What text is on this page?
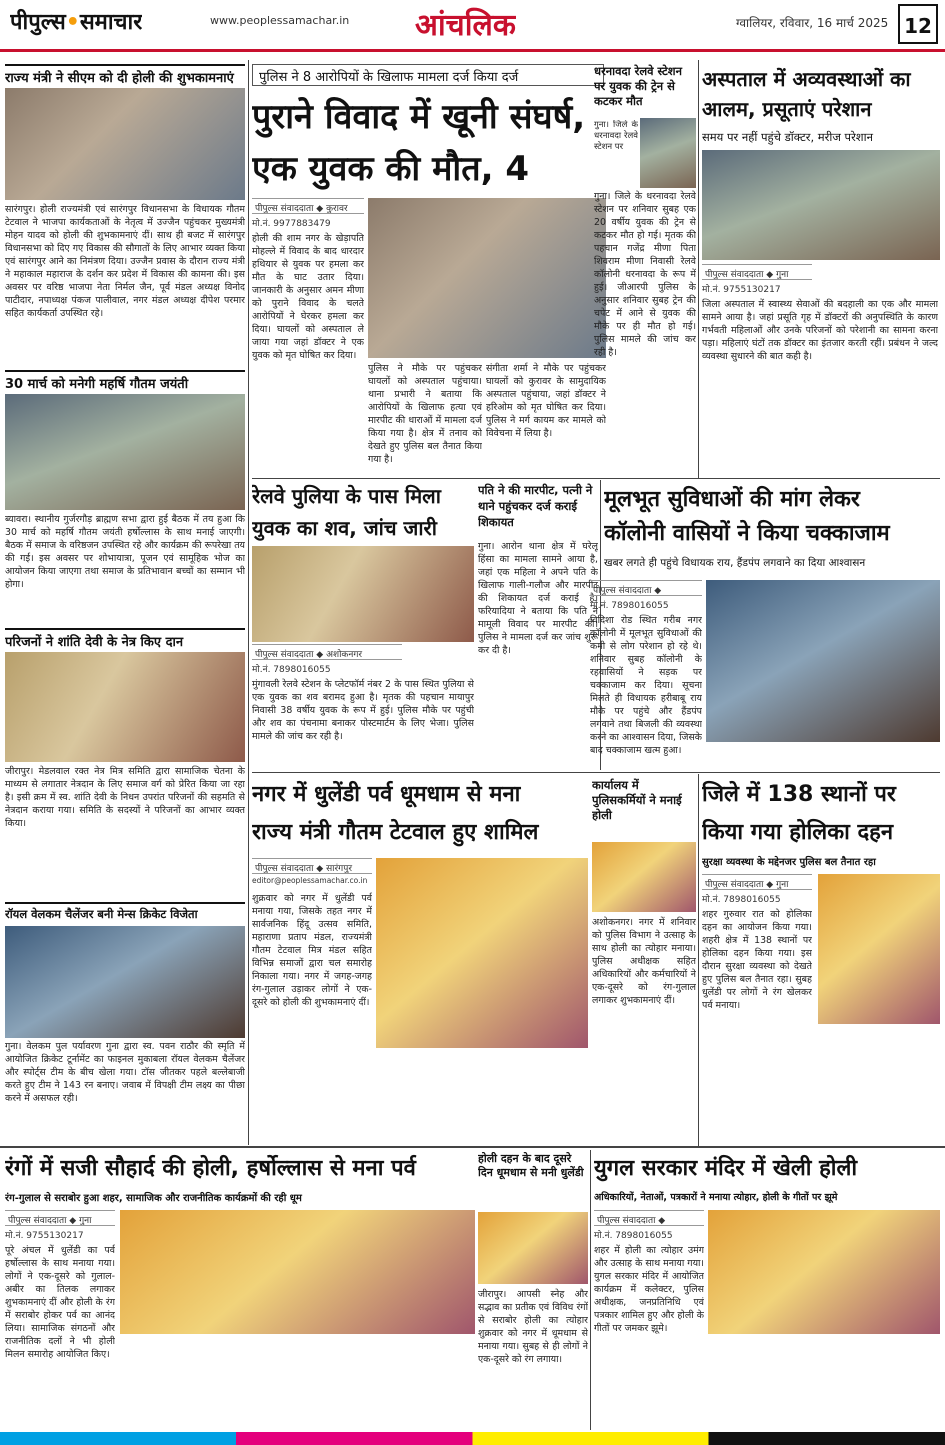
पीपुल्स•समाचार	www.peoplessamachar.in आंचलिक	ग्वालियर, रविवार, 16 मार्च 2025 12
राज्य मंत्री ने सीएम को दी होली की शुभकामनाएं
सारंगपुर। होली राज्यमंत्री एवं सारंगपुर विधानसभा के विधायक गौतम टेटवाल ने भाजपा कार्यकताओं के नेतृत्व में उज्जैन पहुंचकर मुख्यमंत्री मोहन यादव को होली की शुभकामनाएं दीं। साथ ही बजट में सारंगपुर विधानसभा को दिए गए विकास की सौगातों के लिए आभार व्यक्त किया एवं सारंगपुर आने का निमंत्रण दिया। उज्जैन प्रवास के दौरान राज्य मंत्री ने महाकाल महाराज के दर्शन कर प्रदेश में विकास की कामना की। इस अवसर पर वरिष्ठ भाजपा नेता निर्मल जैन, पूर्व मंडल अध्यक्ष विनोद पाटीदार, नपाध्यक्ष पंकज पालीवाल, नगर मंडल अध्यक्ष दीपेश परमार सहित कार्यकर्ता उपस्थित रहे।
30 मार्च को मनेगी महर्षि गौतम जयंती
ब्यावरा। स्थानीय गुर्जरगौड़ ब्राह्मण सभा द्वारा हुई बैठक में तय हुआ कि 30 मार्च को महर्षि गौतम जयंती हर्षोल्लास के साथ मनाई जाएगी। बैठक में समाज के वरिष्ठजन उपस्थित रहे और कार्यक्रम की रूपरेखा तय की गई। इस अवसर पर शोभायात्रा, पूजन एवं सामूहिक भोज का आयोजन किया जाएगा तथा समाज के प्रतिभावान बच्चों का सम्मान भी होगा।
परिजनों ने शांति देवी के नेत्र किए दान
जीरापुर। मेडलवाल रक्त नेत्र मित्र समिति द्वारा सामाजिक चेतना के माध्यम से लगातार नेत्रदान के लिए समाज वर्ग को प्रेरित किया जा रहा है। इसी क्रम में स्व. शांति देवी के निधन उपरांत परिजनों की सहमति से नेत्रदान कराया गया। समिति के सदस्यों ने परिजनों का आभार व्यक्त किया।
रॉयल वेलकम चैलेंजर बनी मेन्स क्रिकेट विजेता
गुना। वेलकम पुल पर्यावरण गुना द्वारा स्व. पवन राठौर की स्मृति में आयोजित क्रिकेट टूर्नामेंट का फाइनल मुकाबला रॉयल वेलकम चैलेंजर और स्पोर्ट्स टीम के बीच खेला गया। टॉस जीतकर पहले बल्लेबाजी करते हुए टीम ने 143 रन बनाए। जवाब में विपक्षी टीम लक्ष्य का पीछा करने में असफल रही।
पुलिस ने 8 आरोपियों के खिलाफ मामला दर्ज किया दर्ज
पुराने विवाद में खूनी संघर्ष,
एक युवक की मौत, 4
पीपुल्स संवाददाता ◆ कुरावर
मो.नं. 9977883479
होली की शाम नगर के खेड़ापति मोहल्ले में विवाद के बाद धारदार हथियार से युवक पर हमला कर मौत के घाट उतार दिया। जानकारी के अनुसार अमन मीणा को पुराने विवाद के चलते आरोपियों ने घेरकर हमला कर दिया। घायलों को अस्पताल ले जाया गया जहां डॉक्टर ने एक युवक को मृत घोषित कर दिया।
पुलिस ने मौके पर पहुंचकर घायलों को अस्पताल पहुंचाया। थाना प्रभारी ने बताया कि आरोपियों के खिलाफ हत्या एवं मारपीट की धाराओं में मामला दर्ज किया गया है। क्षेत्र में तनाव को देखते हुए पुलिस बल तैनात किया गया है।
संगीता शर्मा ने मौके पर पहुंचकर घायलों को कुरावर के सामुदायिक अस्पताल पहुंचाया, जहां डॉक्टर ने हरिओम को मृत घोषित कर दिया। पुलिस ने मर्ग कायम कर मामले को विवेचना में लिया है।
धरनावदा रेलवे स्टेशन पर युवक की ट्रेन से कटकर मौत
गुना। जिले के धरनावदा रेलवे स्टेशन पर
गुना। जिले के धरनावदा रेलवे स्टेशन पर शनिवार सुबह एक 20 वर्षीय युवक की ट्रेन से कटकर मौत हो गई। मृतक की पहचान गजेंद्र मीणा पिता शिवराम मीणा निवासी रेलवे कॉलोनी धरनावदा के रूप में हुई। जीआरपी पुलिस के अनुसार शनिवार सुबह ट्रेन की चपेट में आने से युवक की मौके पर ही मौत हो गई। पुलिस मामले की जांच कर रही है।
अस्पताल में अव्यवस्थाओं का आलम, प्रसूताएं परेशान
समय पर नहीं पहुंचे डॉक्टर, मरीज परेशान
पीपुल्स संवाददाता ◆ गुना
मो.नं. 9755130217
जिला अस्पताल में स्वास्थ्य सेवाओं की बदहाली का एक और मामला सामने आया है। जहां प्रसूति गृह में डॉक्टरों की अनुपस्थिति के कारण गर्भवती महिलाओं और उनके परिजनों को परेशानी का सामना करना पड़ा। महिलाएं घंटों तक डॉक्टर का इंतजार करती रहीं। प्रबंधन ने जल्द व्यवस्था सुधारने की बात कही है।
रेलवे पुलिया के पास मिला
युवक का शव, जांच जारी
पीपुल्स संवाददाता ◆ अशोकनगर
मो.नं. 7898016055
मुंगावली रेलवे स्टेशन के प्लेटफॉर्म नंबर 2 के पास स्थित पुलिया से एक युवक का शव बरामद हुआ है। मृतक की पहचान मायापुर निवासी 38 वर्षीय युवक के रूप में हुई। पुलिस मौके पर पहुंची और शव का पंचनामा बनाकर पोस्टमार्टम के लिए भेजा। पुलिस मामले की जांच कर रही है।
पति ने की मारपीट, पत्नी ने थाने पहुंचकर दर्ज कराई शिकायत
गुना। आरोन थाना क्षेत्र में घरेलू हिंसा का मामला सामने आया है, जहां एक महिला ने अपने पति के खिलाफ गाली-गलौज और मारपीट की शिकायत दर्ज कराई है। फरियादिया ने बताया कि पति ने मामूली विवाद पर मारपीट की। पुलिस ने मामला दर्ज कर जांच शुरू कर दी है।
मूलभूत सुविधाओं की मांग लेकर
कॉलोनी वासियों ने किया चक्काजाम
खबर लगते ही पहुंचे विधायक राय, हैंडपंप लगवाने का दिया आश्वासन
पीपुल्स संवाददाता ◆
मो.नं. 7898016055
विदिशा रोड स्थित गरीब नगर कॉलोनी में मूलभूत सुविधाओं की कमी से लोग परेशान हो रहे थे। शनिवार सुबह कॉलोनी के रहवासियों ने सड़क पर चक्काजाम कर दिया। सूचना मिलते ही विधायक हरीबाबू राय मौके पर पहुंचे और हैंडपंप लगवाने तथा बिजली की व्यवस्था करने का आश्वासन दिया, जिसके बाद चक्काजाम खत्म हुआ।
नगर में धुलेंडी पर्व धूमधाम से मना
राज्य मंत्री गौतम टेटवाल हुए शामिल
पीपुल्स संवाददाता ◆ सारंगपुर
editor@peoplessamachar.co.in
शुक्रवार को नगर में धुलेंडी पर्व मनाया गया, जिसके तहत नगर में सार्वजनिक हिंदू उत्सव समिति, महाराणा प्रताप मंडल, राज्यमंत्री गौतम टेटवाल मित्र मंडल सहित विभिन्न समाजों द्वारा चल समारोह निकाला गया। नगर में जगह-जगह रंग-गुलाल उड़ाकर लोगों ने एक-दूसरे को होली की शुभकामनाएं दीं।
कार्यालय में पुलिसकर्मियों ने मनाई होली
अशोकनगर। नगर में शनिवार को पुलिस विभाग ने उत्साह के साथ होली का त्योहार मनाया। पुलिस अधीक्षक सहित अधिकारियों और कर्मचारियों ने एक-दूसरे को रंग-गुलाल लगाकर शुभकामनाएं दीं।
जिले में 138 स्थानों पर
किया गया होलिका दहन
सुरक्षा व्यवस्था के मद्देनजर पुलिस बल तैनात रहा
पीपुल्स संवाददाता ◆ गुना
मो.नं. 7898016055
शहर गुरुवार रात को होलिका दहन का आयोजन किया गया। शहरी क्षेत्र में 138 स्थानों पर होलिका दहन किया गया। इस दौरान सुरक्षा व्यवस्था को देखते हुए पुलिस बल तैनात रहा। सुबह धुलेंडी पर लोगों ने रंग खेलकर पर्व मनाया।
रंगों में सजी सौहार्द की होली, हर्षोल्लास से मना पर्व
रंग-गुलाल से सराबोर हुआ शहर, सामाजिक और राजनीतिक कार्यक्रमों की रही धूम
पीपुल्स संवाददाता ◆ गुना
मो.नं. 9755130217
पूरे अंचल में धुलेंडी का पर्व हर्षोल्लास के साथ मनाया गया। लोगों ने एक-दूसरे को गुलाल-अबीर का तिलक लगाकर शुभकामनाएं दीं और होली के रंग में सराबोर होकर पर्व का आनंद लिया। सामाजिक संगठनों और राजनीतिक दलों ने भी होली मिलन समारोह आयोजित किए।
होली दहन के बाद दूसरे दिन धूमधाम से मनी धुलेंडी
जीरापुर। आपसी स्नेह और सद्भाव का प्रतीक एवं विविध रंगों से सराबोर होली का त्योहार शुक्रवार को नगर में धूमधाम से मनाया गया। सुबह से ही लोगों ने एक-दूसरे को रंग लगाया।
युगल सरकार मंदिर में खेली होली
अधिकारियों, नेताओं, पत्रकारों ने मनाया त्योहार, होली के गीतों पर झूमे
पीपुल्स संवाददाता ◆
मो.नं. 7898016055
शहर में होली का त्योहार उमंग और उत्साह के साथ मनाया गया। युगल सरकार मंदिर में आयोजित कार्यक्रम में कलेक्टर, पुलिस अधीक्षक, जनप्रतिनिधि एवं पत्रकार शामिल हुए और होली के गीतों पर जमकर झूमे।
